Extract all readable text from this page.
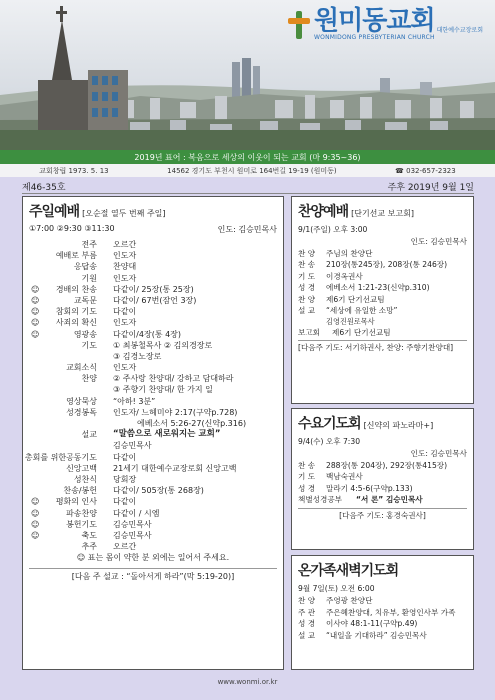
원미동교회 대한예수교장로회
WONMIDONG PRESBYTERIAN CHURCH
2019년 표어 : 복음으로 세상의 이웃이 되는 교회 (마 9:35~36)
교회창립 1973. 5. 13	14562 경기도 부천시 원미로 164번길 19-19 (원미동)	☎ 032-657-2323
제46-35호	주후 2019년 9월 1일
주일예배 [오순절 열두 번째 주일]
①7:00 ②9:30 ③11:30	인도: 김승민목사
전주 오르간
예배로 부름 인도자
응답송 찬양대
기원 인도자
☺ 경배의 찬송 다같이/ 25장(통 25장)
☺	교독문 다같이/ 67번(잠언 3장)
☺ 참회의 기도 다같이
☺ 사죄의 확신 인도자
☺	영광송 다같이/4장(통 4장)
기도 ① 최봉철목사 ② 김의경장로
③ 김경노장로
교회소식 인도자
찬양 ② 주사랑 찬양대/ 강하고 담대하라
③ 주향기 찬양대/ 한 가지 일
영상묵상 “아하! 3분”
성경봉독 인도자/ 느헤미야 2:17(구약p.728)
에베소서 5:26-27(신약p.316)
설교 “말씀으로 새로워지는 교회”
김승민목사
총회를 위한공동기도 다같이
신앙고백 21세기 대한예수교장로회 신앙고백
성찬식 당회장
찬송/봉헌 다같이/ 505장(통 268장)
☺ 평화의 인사 다같이
☺	파송찬양 다같이 / 시엠
☺	봉헌기도 김승민목사
☺	축도 김승민목사
추주 오르간
☺ 표는 몸이 약한 분 외에는 일어서 주세요.
[다음 주 설교 : “돌아서게 하라”(막 5:19-20)]
찬양예배 [단기선교 보고회]
9/1(주일) 오후 3:00
인도: 김승민목사
찬 양	주님의 찬양단
찬 송	210장(통245장), 208장(통 246장)
기 도	이경옥권사
성 경	에베소서 1:21-23(신약p.310)
찬 양	제6기 단기선교팀
설 교	“세상에 유일한 소망”
김영진원로목사
보고회	제6기 단기선교팀
[다음주 기도: 서기하권사, 찬양: 주향기찬양대]
수요기도회 [신약의 파노라마+]
9/4(수) 오후 7:30
인도: 김승민목사
찬 송	288장(통 204장), 292장(통415장)
기 도	백남숙권사
성 경	말라기 4:5-6(구약p.133)
책별성경공부	“서 론” 김승민목사
[다음주 기도: 홍경숙권사]
온가족새벽기도회
9월 7일(토) 오전 6:00
찬 양	주영광 찬양단
주 관	주은혜찬양대, 치유부, 환영인사부 가족
성 경	이사야 48:1-11(구약p.49)
설 교	“내일을 기대하라” 김승민목사
www.wonmi.or.kr
